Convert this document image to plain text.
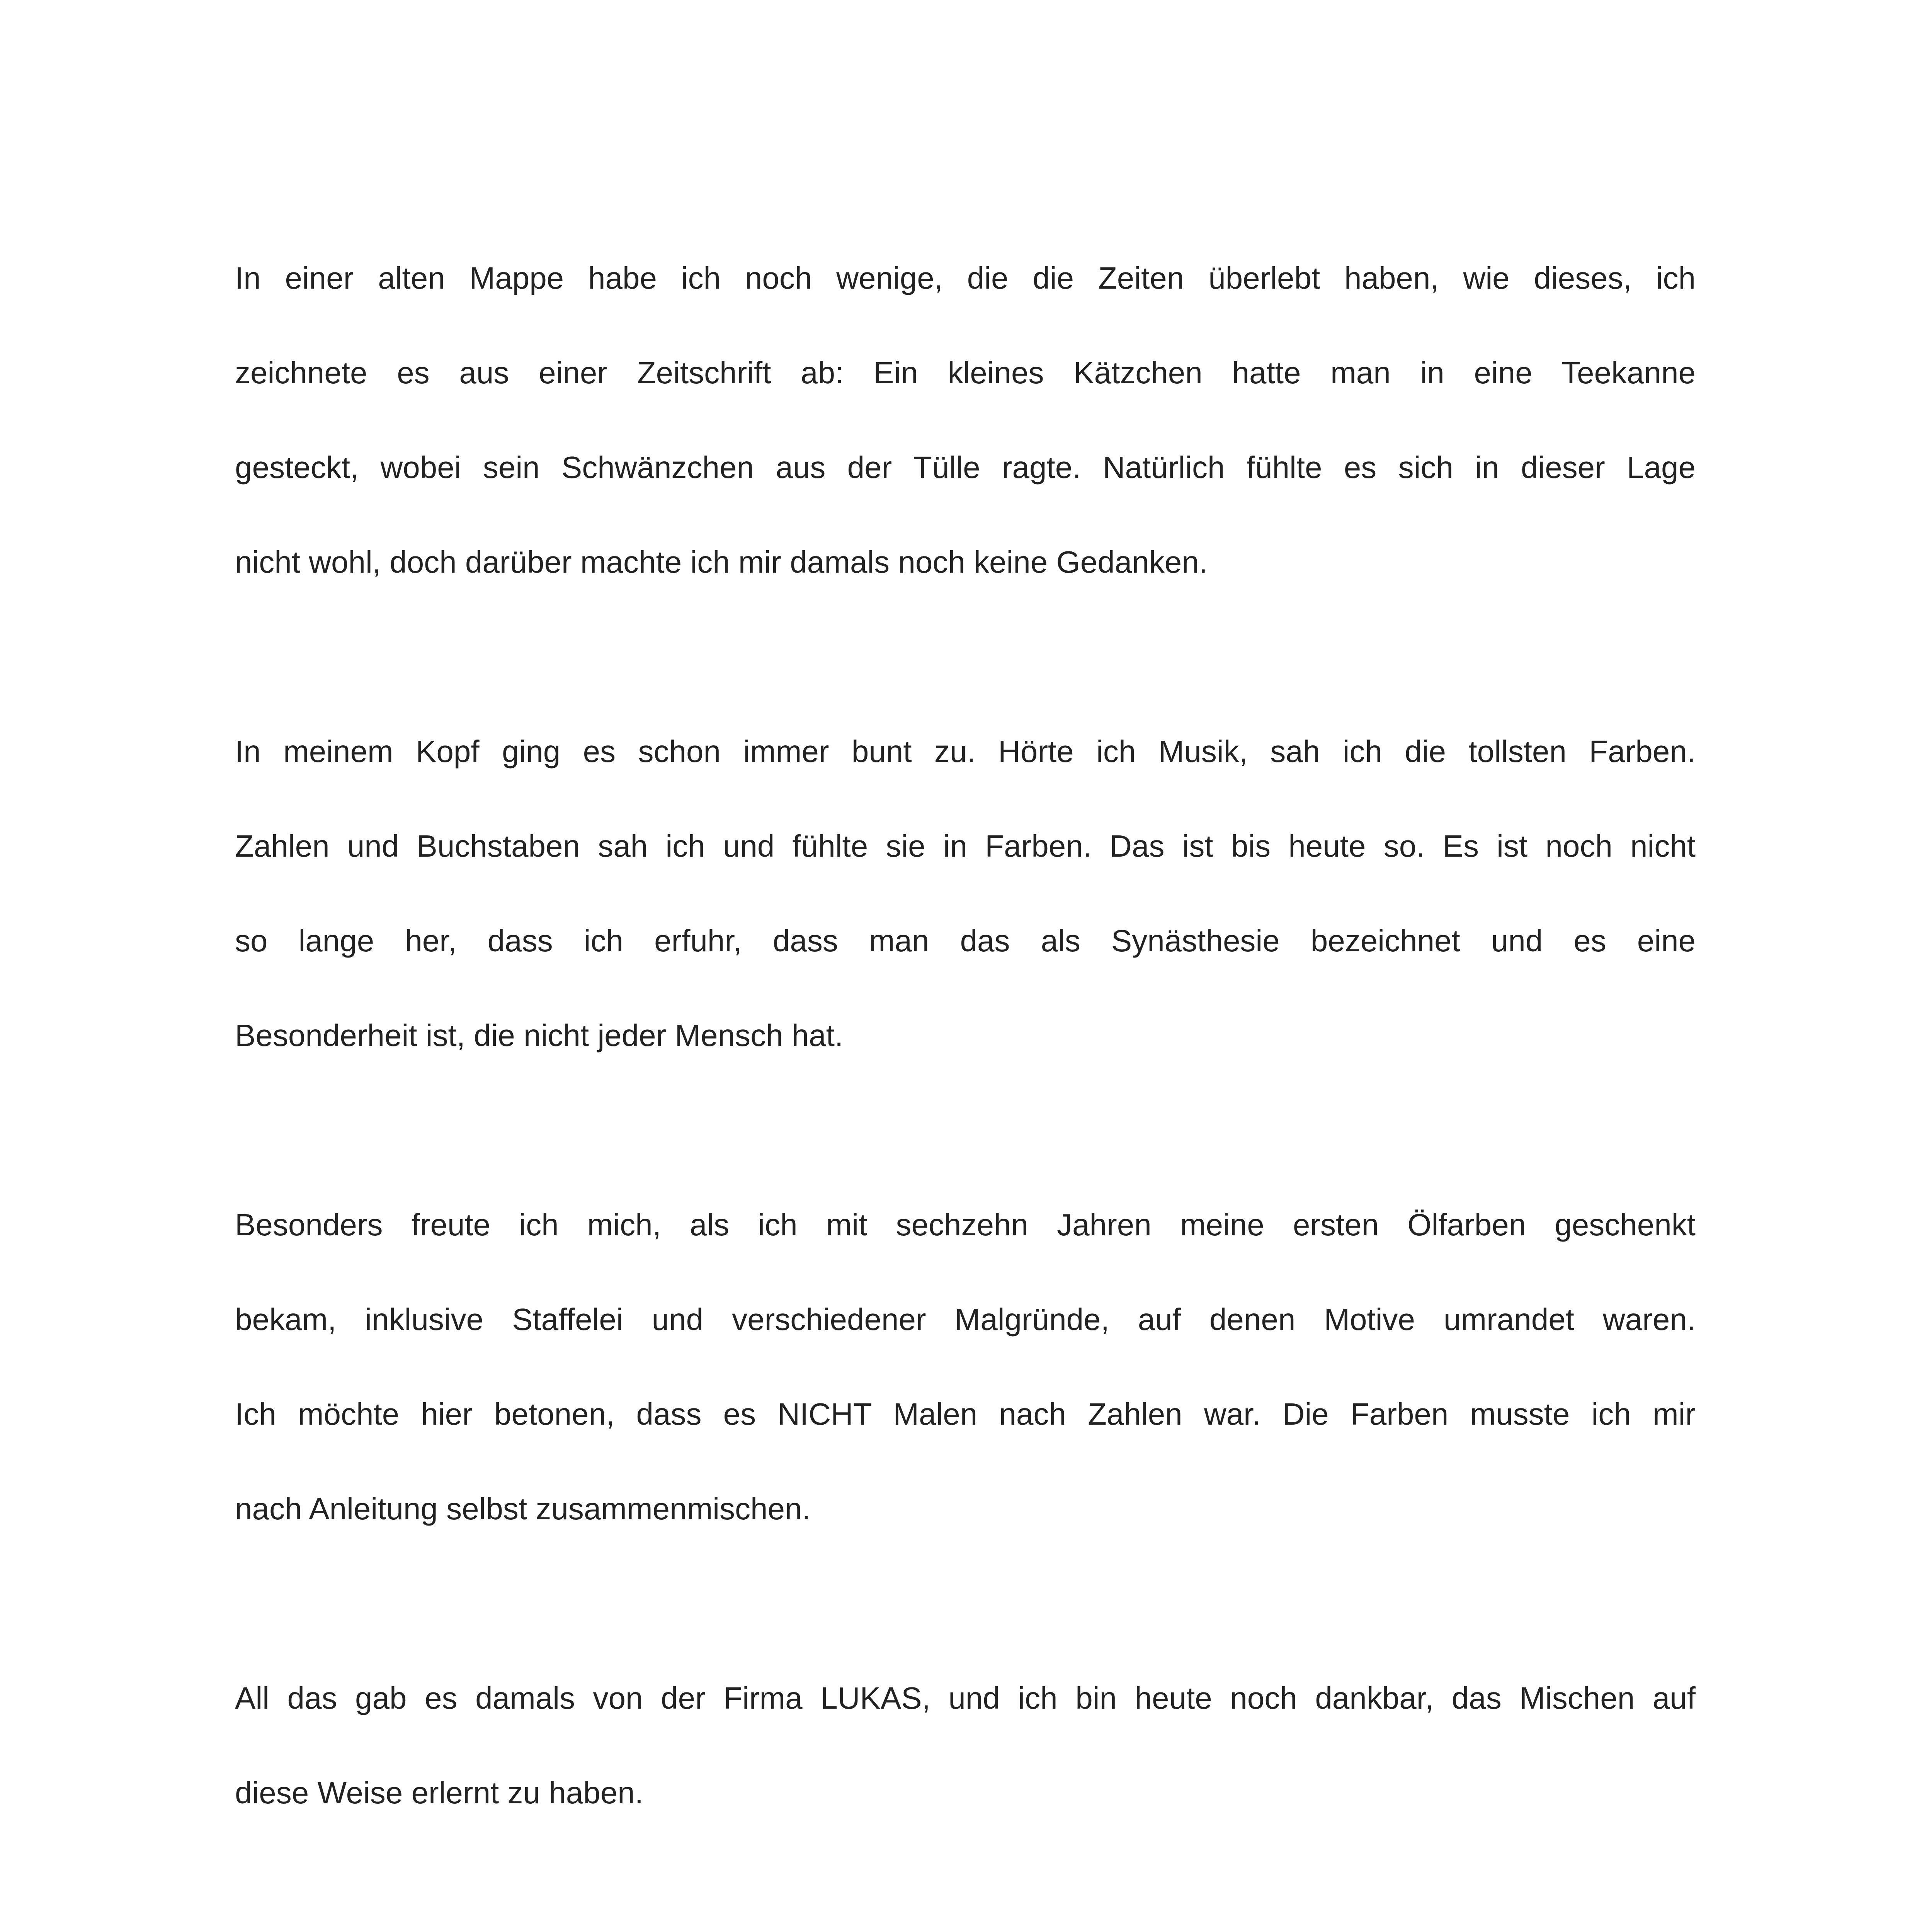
In einer alten Mappe habe ich noch wenige, die die Zeiten überlebt haben, wie dieses, ich
zeichnete es aus einer Zeitschrift ab: Ein kleines Kätzchen hatte man in eine Teekanne
gesteckt, wobei sein Schwänzchen aus der Tülle ragte. Natürlich fühlte es sich in dieser Lage
nicht wohl, doch darüber machte ich mir damals noch keine Gedanken.
In meinem Kopf ging es schon immer bunt zu. Hörte ich Musik, sah ich die tollsten Farben.
Zahlen und Buchstaben sah ich und fühlte sie in Farben. Das ist bis heute so. Es ist noch nicht
so lange her, dass ich erfuhr, dass man das als Synästhesie bezeichnet und es eine
Besonderheit ist, die nicht jeder Mensch hat.
Besonders freute ich mich, als ich mit sechzehn Jahren meine ersten Ölfarben geschenkt
bekam, inklusive Staffelei und verschiedener Malgründe, auf denen Motive umrandet waren.
Ich möchte hier betonen, dass es NICHT Malen nach Zahlen war. Die Farben musste ich mir
nach Anleitung selbst zusammenmischen.
All das gab es damals von der Firma LUKAS, und ich bin heute noch dankbar, das Mischen auf
diese Weise erlernt zu haben.
